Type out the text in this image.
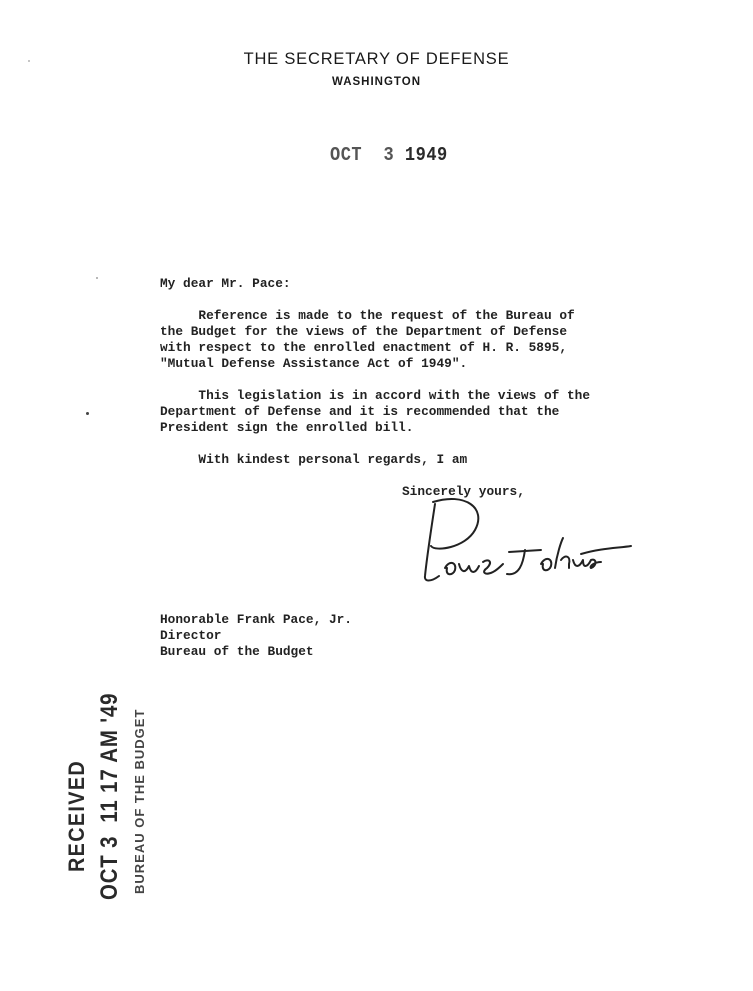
THE SECRETARY OF DEFENSE
WASHINGTON
OCT  3 1949
My dear Mr. Pace:
Reference is made to the request of the Bureau of
the Budget for the views of the Department of Defense
with respect to the enrolled enactment of H. R. 5895,
"Mutual Defense Assistance Act of 1949".
This legislation is in accord with the views of the
Department of Defense and it is recommended that the
President sign the enrolled bill.
With kindest personal regards, I am
Sincerely yours,
Honorable Frank Pace, Jr.
Director
Bureau of the Budget
RECEIVED OCT 3  11 17 AM '49 BUREAU OF THE BUDGET
